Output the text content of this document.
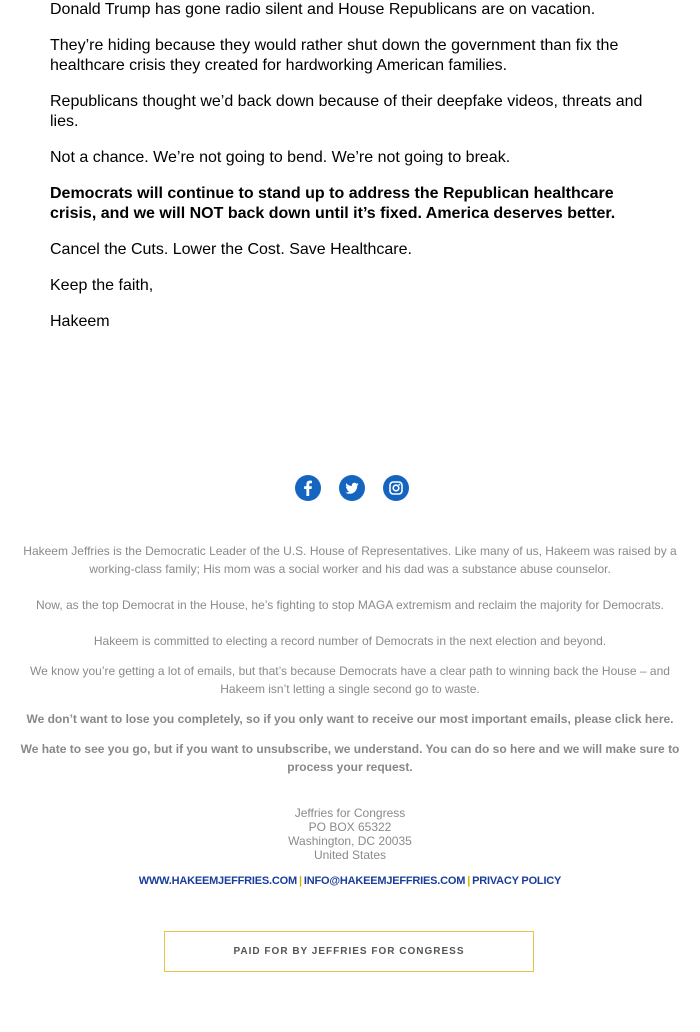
Donald Trump has gone radio silent and House Republicans are on vacation.

They’re hiding because they would rather shut down the government than fix the
healthcare crisis they created for hardworking American families.

Republicans thought we’d back down because of their deepfake videos, threats and
lies.

Not a chance. We’re not going to bend. We’re not going to break.

Democrats will continue to stand up to address the Republican healthcare
crisis, and we will NOT back down until it’s fixed. America deserves better.

Cancel the Cuts. Lower the Cost. Save Healthcare.

Keep the faith,

Hakeem

Hakeem Jeffries is the Democratic Leader of the U.S. House of Representatives. Like many of us, Hakeem was raised by a
working-class family; His mom was a social worker and his dad was a substance abuse counselor.
Now, as the top Democrat in the House, he’s fighting to stop MAGA extremism and reclaim the majority for Democrats.
Hakeem is committed to electing a record number of Democrats in the next election and beyond.
We know you’re getting a lot of emails, but that’s because Democrats have a clear path to winning back the House – and
Hakeem isn’t letting a single second go to waste.
We don’t want to lose you completely, so if you only want to receive our most important emails, please click here.
We hate to see you go, but if you want to unsubscribe, we understand. You can do so here and we will make sure to
process your request.
Jeffries for Congress
PO BOX 65322
Washington, DC 20035
United States
WWW.HAKEEMJEFFRIES.COM | INFO@HAKEEMJEFFRIES.COM | PRIVACY POLICY
PAID FOR BY JEFFRIES FOR CONGRESS
